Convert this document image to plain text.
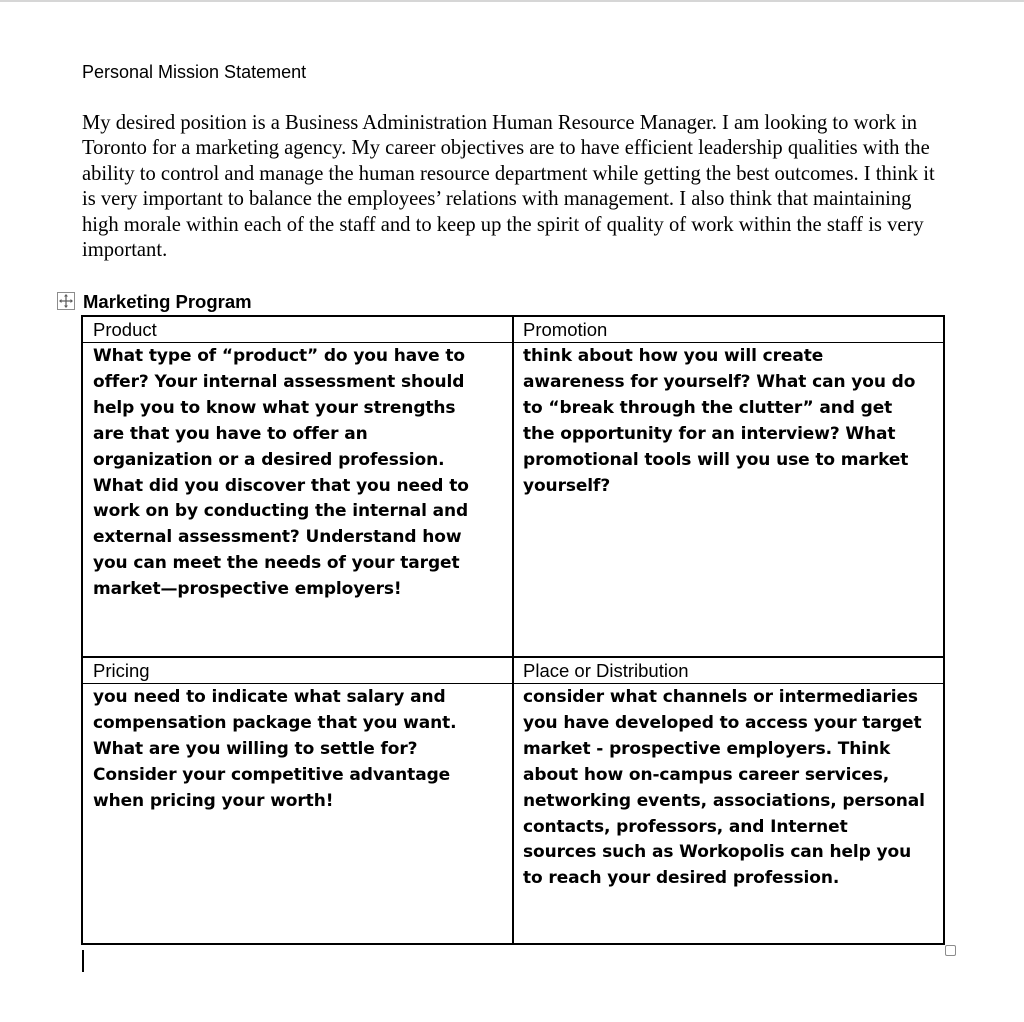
Personal Mission Statement

My desired position is a Business Administration Human Resource Manager. I am looking to work in Toronto for a marketing agency. My career objectives are to have efficient leadership qualities with the ability to control and manage the human resource department while getting the best outcomes. I think it is very important to balance the employees’ relations with management. I also think that maintaining high morale within each of the staff and to keep up the spirit of quality of work within the staff is very important.

Marketing Program
Product

What type of “product” do you have to
offer? Your internal assessment should
help you to know what your strengths
are that you have to offer an
organization or a desired profession.
What did you discover that you need to
work on by conducting the internal and
external assessment? Understand how
you can meet the needs of your target
market—prospective employers!

Promotion

think about how you will create
awareness for yourself? What can you do
to “break through the clutter” and get
the opportunity for an interview? What
promotional tools will you use to market
yourself?

Pricing

you need to indicate what salary and
compensation package that you want.
What are you willing to settle for?
Consider your competitive advantage
when pricing your worth!

Place or Distribution

consider what channels or intermediaries
you have developed to access your target
market - prospective employers. Think
about how on-campus career services,
networking events, associations, personal
contacts, professors, and Internet
sources such as Workopolis can help you
to reach your desired profession.
